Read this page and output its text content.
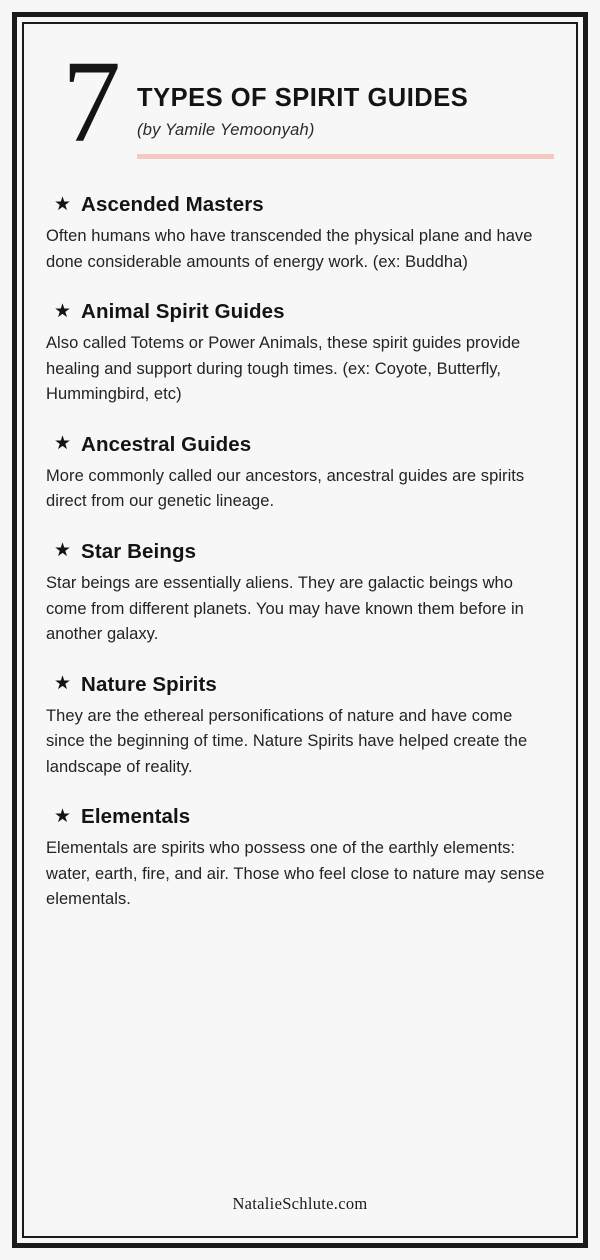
7 TYPES OF SPIRIT GUIDES
(by Yamile Yemoonyah)
★ Ascended Masters
Often humans who have transcended the physical plane and have done considerable amounts of energy work. (ex: Buddha)
★ Animal Spirit Guides
Also called Totems or Power Animals, these spirit guides provide healing and support during tough times. (ex: Coyote, Butterfly, Hummingbird, etc)
★ Ancestral Guides
More commonly called our ancestors, ancestral guides are spirits direct from our genetic lineage.
★ Star Beings
Star beings are essentially aliens. They are galactic beings who come from different planets. You may have known them before in another galaxy.
★ Nature Spirits
They are the ethereal personifications of nature and have come since the beginning of time. Nature Spirits have helped create the landscape of reality.
★ Elementals
Elementals are spirits who possess one of the earthly elements: water, earth, fire, and air. Those who feel close to nature may sense elementals.
NatalieSchlute.com
